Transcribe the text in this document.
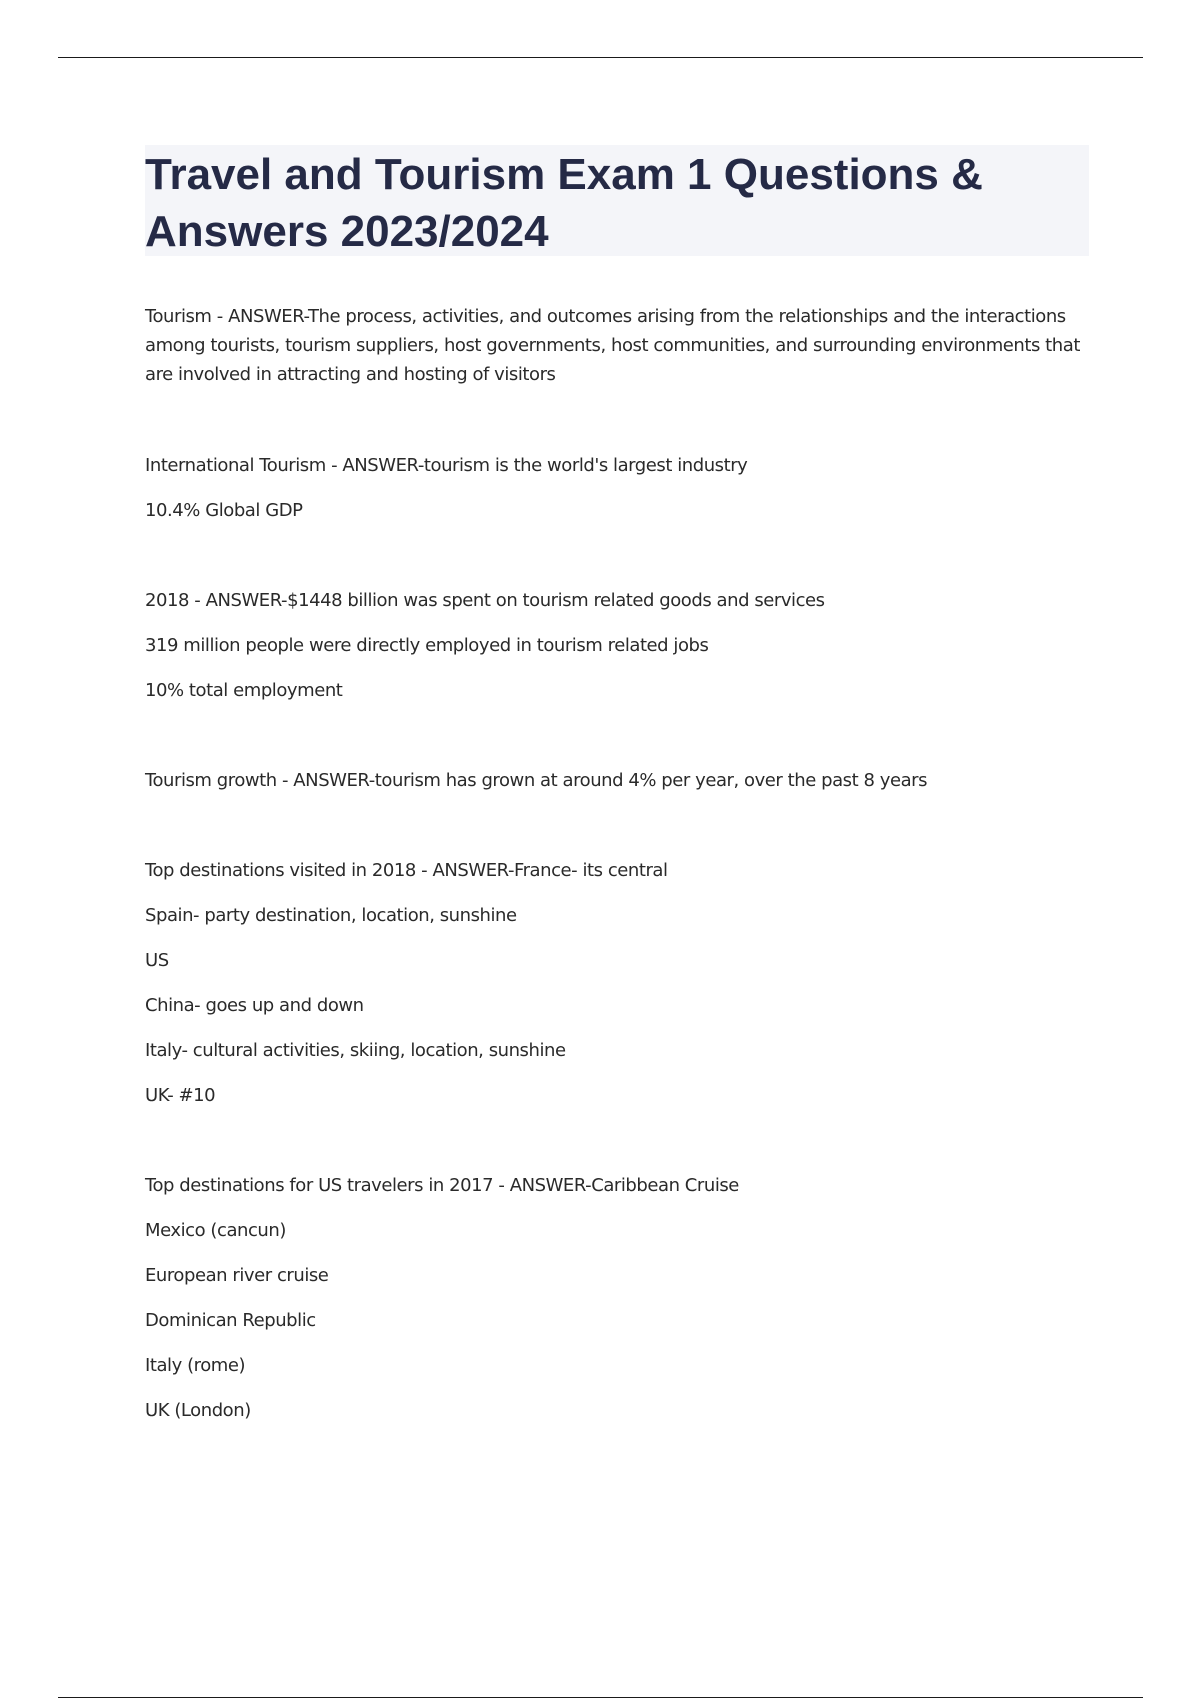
Travel and Tourism Exam 1 Questions & Answers 2023/2024

Tourism - ANSWER-The process, activities, and outcomes arising from the relationships and the interactions among tourists, tourism suppliers, host governments, host communities, and surrounding environments that are involved in attracting and hosting of visitors

International Tourism - ANSWER-tourism is the world's largest industry

10.4% Global GDP

2018 - ANSWER-$1448 billion was spent on tourism related goods and services

319 million people were directly employed in tourism related jobs

10% total employment

Tourism growth - ANSWER-tourism has grown at around 4% per year, over the past 8 years

Top destinations visited in 2018 - ANSWER-France- its central

Spain- party destination, location, sunshine

US

China- goes up and down

Italy- cultural activities, skiing, location, sunshine

UK- #10

Top destinations for US travelers in 2017 - ANSWER-Caribbean Cruise

Mexico (cancun)

European river cruise

Dominican Republic

Italy (rome)

UK (London)
